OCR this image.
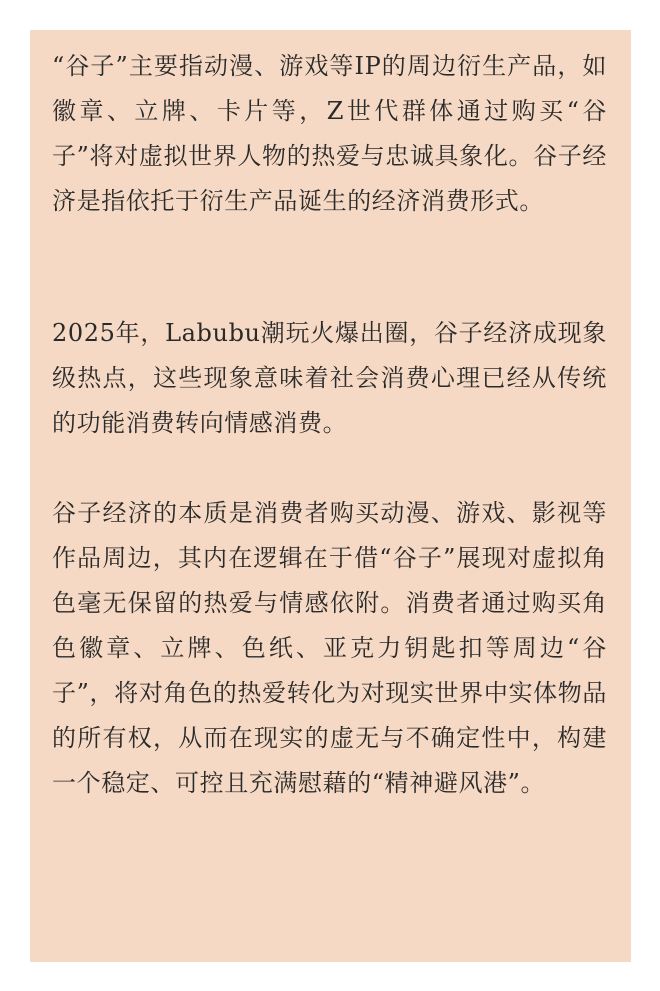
“谷子”主要指动漫、游戏等IP的周边衍生产品，如徽章、立牌、卡片等，Z世代群体通过购买“谷子”将对虚拟世界人物的热爱与忠诚具象化。谷子经济是指依托于衍生产品诞生的经济消费形式。

2025年，Labubu潮玩火爆出圈，谷子经济成现象级热点，这些现象意味着社会消费心理已经从传统的功能消费转向情感消费。

谷子经济的本质是消费者购买动漫、游戏、影视等作品周边，其内在逻辑在于借“谷子”展现对虚拟角色毫无保留的热爱与情感依附。消费者通过购买角色徽章、立牌、色纸、亚克力钥匙扣等周边“谷子”，将对角色的热爱转化为对现实世界中实体物品的所有权，从而在现实的虚无与不确定性中，构建一个稳定、可控且充满慰藉的“精神避风港”。
